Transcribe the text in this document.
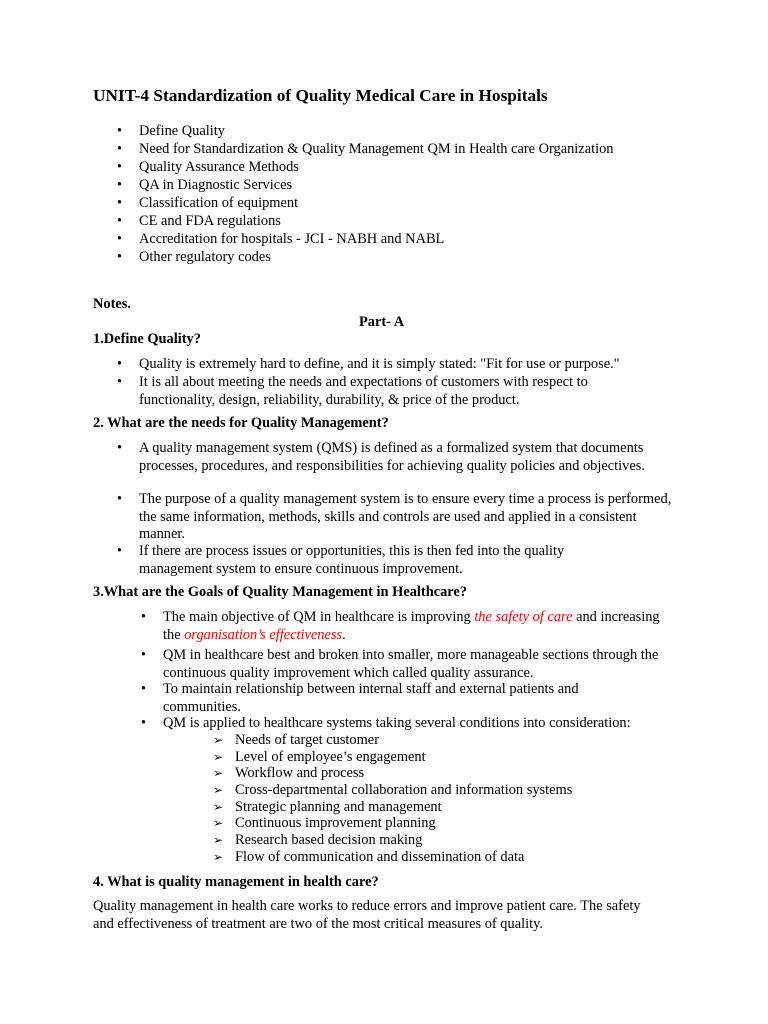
UNIT-4 Standardization of Quality Medical Care in Hospitals
• Define Quality
• Need for Standardization & Quality Management QM in Health care Organization
• Quality Assurance Methods
• QA in Diagnostic Services
• Classification of equipment
• CE and FDA regulations
• Accreditation for hospitals - JCI - NABH and NABL
• Other regulatory codes
Notes.
Part- A
1.Define Quality?
• Quality is extremely hard to define, and it is simply stated: "Fit for use or purpose."
• It is all about meeting the needs and expectations of customers with respect to functionality, design, reliability, durability, & price of the product.
2. What are the needs for Quality Management?
• A quality management system (QMS) is defined as a formalized system that documents processes, procedures, and responsibilities for achieving quality policies and objectives.
• The purpose of a quality management system is to ensure every time a process is performed, the same information, methods, skills and controls are used and applied in a consistent manner.
• If there are process issues or opportunities, this is then fed into the quality management system to ensure continuous improvement.
3.What are the Goals of Quality Management in Healthcare?
• The main objective of QM in healthcare is improving the safety of care and increasing the organisation’s effectiveness.
• QM in healthcare best and broken into smaller, more manageable sections through the continuous quality improvement which called quality assurance.
• To maintain relationship between internal staff and external patients and communities.
• QM is applied to healthcare systems taking several conditions into consideration:
➢ Needs of target customer
➢ Level of employee’s engagement
➢ Workflow and process
➢ Cross-departmental collaboration and information systems
➢ Strategic planning and management
➢ Continuous improvement planning
➢ Research based decision making
➢ Flow of communication and dissemination of data
4. What is quality management in health care?
Quality management in health care works to reduce errors and improve patient care. The safety and effectiveness of treatment are two of the most critical measures of quality.
